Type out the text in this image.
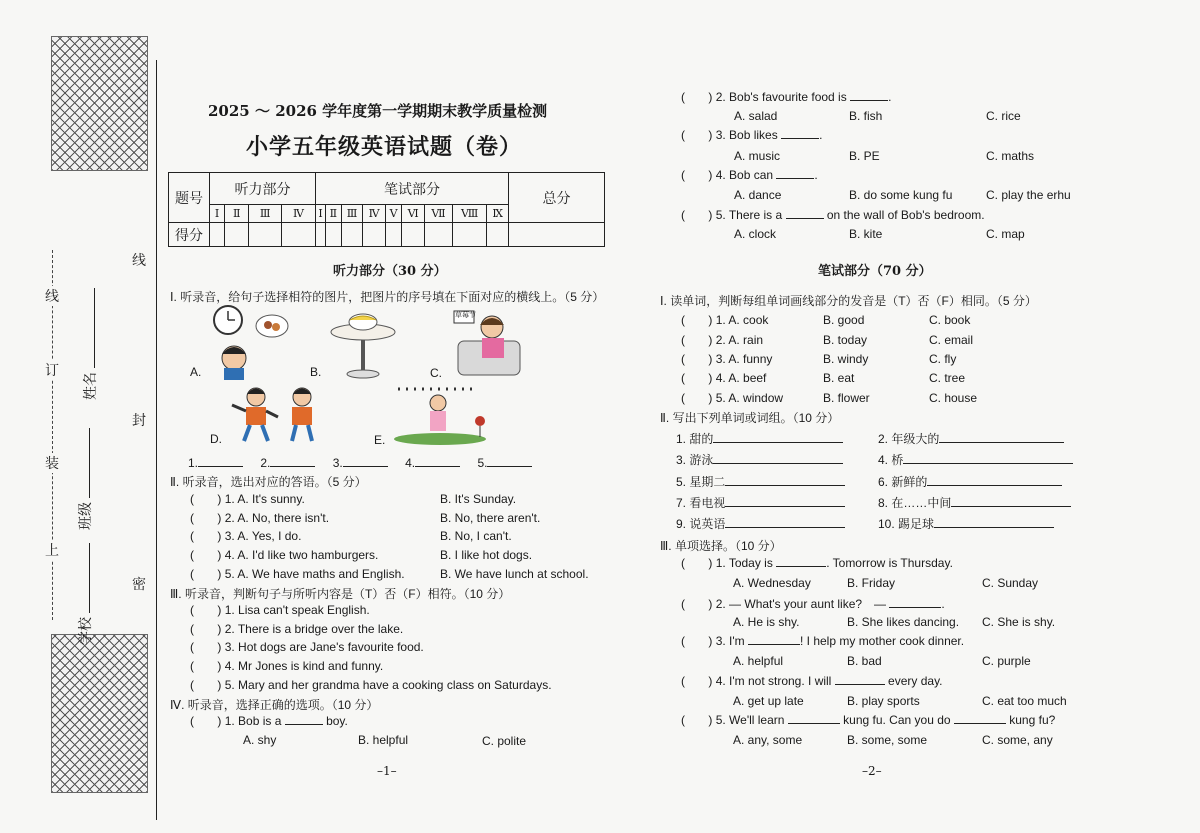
线
订
装
上
线
封
密
姓名
班级
学校
2025 ～ 2026 学年度第一学期期末教学质量检测
小学五年级英语试题（卷）
题号	听力部分				笔试部分									总分
	Ⅰ	Ⅱ	Ⅲ	Ⅳ	Ⅰ	Ⅱ	Ⅲ	Ⅳ	Ⅴ	Ⅵ	Ⅶ	Ⅷ	Ⅸ	
得分														
听力部分（30 分）
Ⅰ. 听录音，给句子选择相符的图片，把图片的序号填在下面对应的横线上。（5 分）
A.	B.
草莓节
C.
D.	E.
1.	2.	3.	4.	5.
Ⅱ. 听录音，选出对应的答语。（5 分）
( ) 1. A. It's sunny.	B. It's Sunday.
( ) 2. A. No, there isn't.	B. No, there aren't.
( ) 3. A. Yes, I do.	B. No, I can't.
( ) 4. A. I'd like two hamburgers.	B. I like hot dogs.
( ) 5. A. We have maths and English.	B. We have lunch at school.
Ⅲ. 听录音，判断句子与所听内容是（T）否（F）相符。（10 分）
( ) 1. Lisa can't speak English.
( ) 2. There is a bridge over the lake.
( ) 3. Hot dogs are Jane's favourite food.
( ) 4. Mr Jones is kind and funny.
( ) 5. Mary and her grandma have a cooking class on Saturdays.
Ⅳ. 听录音，选择正确的选项。（10 分）
( ) 1. Bob is a	boy.
A. shy	B. helpful	C. polite
–1–
( ) 2. Bob's favourite food is	.
A. salad	B. fish	C. rice
( ) 3. Bob likes	.
A. music	B. PE	C. maths
( ) 4. Bob can	.
A. dance	B. do some kung fu	C. play the erhu
( ) 5. There is a	on the wall of Bob's bedroom.
A. clock	B. kite	C. map
笔试部分（70 分）
Ⅰ. 读单词，判断每组单词画线部分的发音是（T）否（F）相同。（5 分）
( ) 1. A. cook	B. good	C. book
( ) 2. A. rain	B. today	C. email
( ) 3. A. funny	B. windy	C. fly
( ) 4. A. beef	B. eat	C. tree
( ) 5. A. window	B. flower	C. house
Ⅱ. 写出下列单词或词组。（10 分）
1. 甜的	2. 年级大的
3. 游泳	4. 桥
5. 星期二	6. 新鲜的
7. 看电视	8. 在……中间
9. 说英语	10. 踢足球
Ⅲ. 单项选择。（10 分）
( ) 1. Today is	. Tomorrow is Thursday.
A. Wednesday	B. Friday	C. Sunday
( ) 2. — What's your aunt like?　—	.
A. He is shy.	B. She likes dancing. C. She is shy.
( ) 3. I'm	! I help my mother cook dinner.
A. helpful	B. bad	C. purple
( ) 4. I'm not strong. I will	every day.
A. get up late	B. play sports	C. eat too much
( ) 5. We'll learn	kung fu. Can you do	kung fu?
A. any, some	B. some, some	C. some, any
–2–
